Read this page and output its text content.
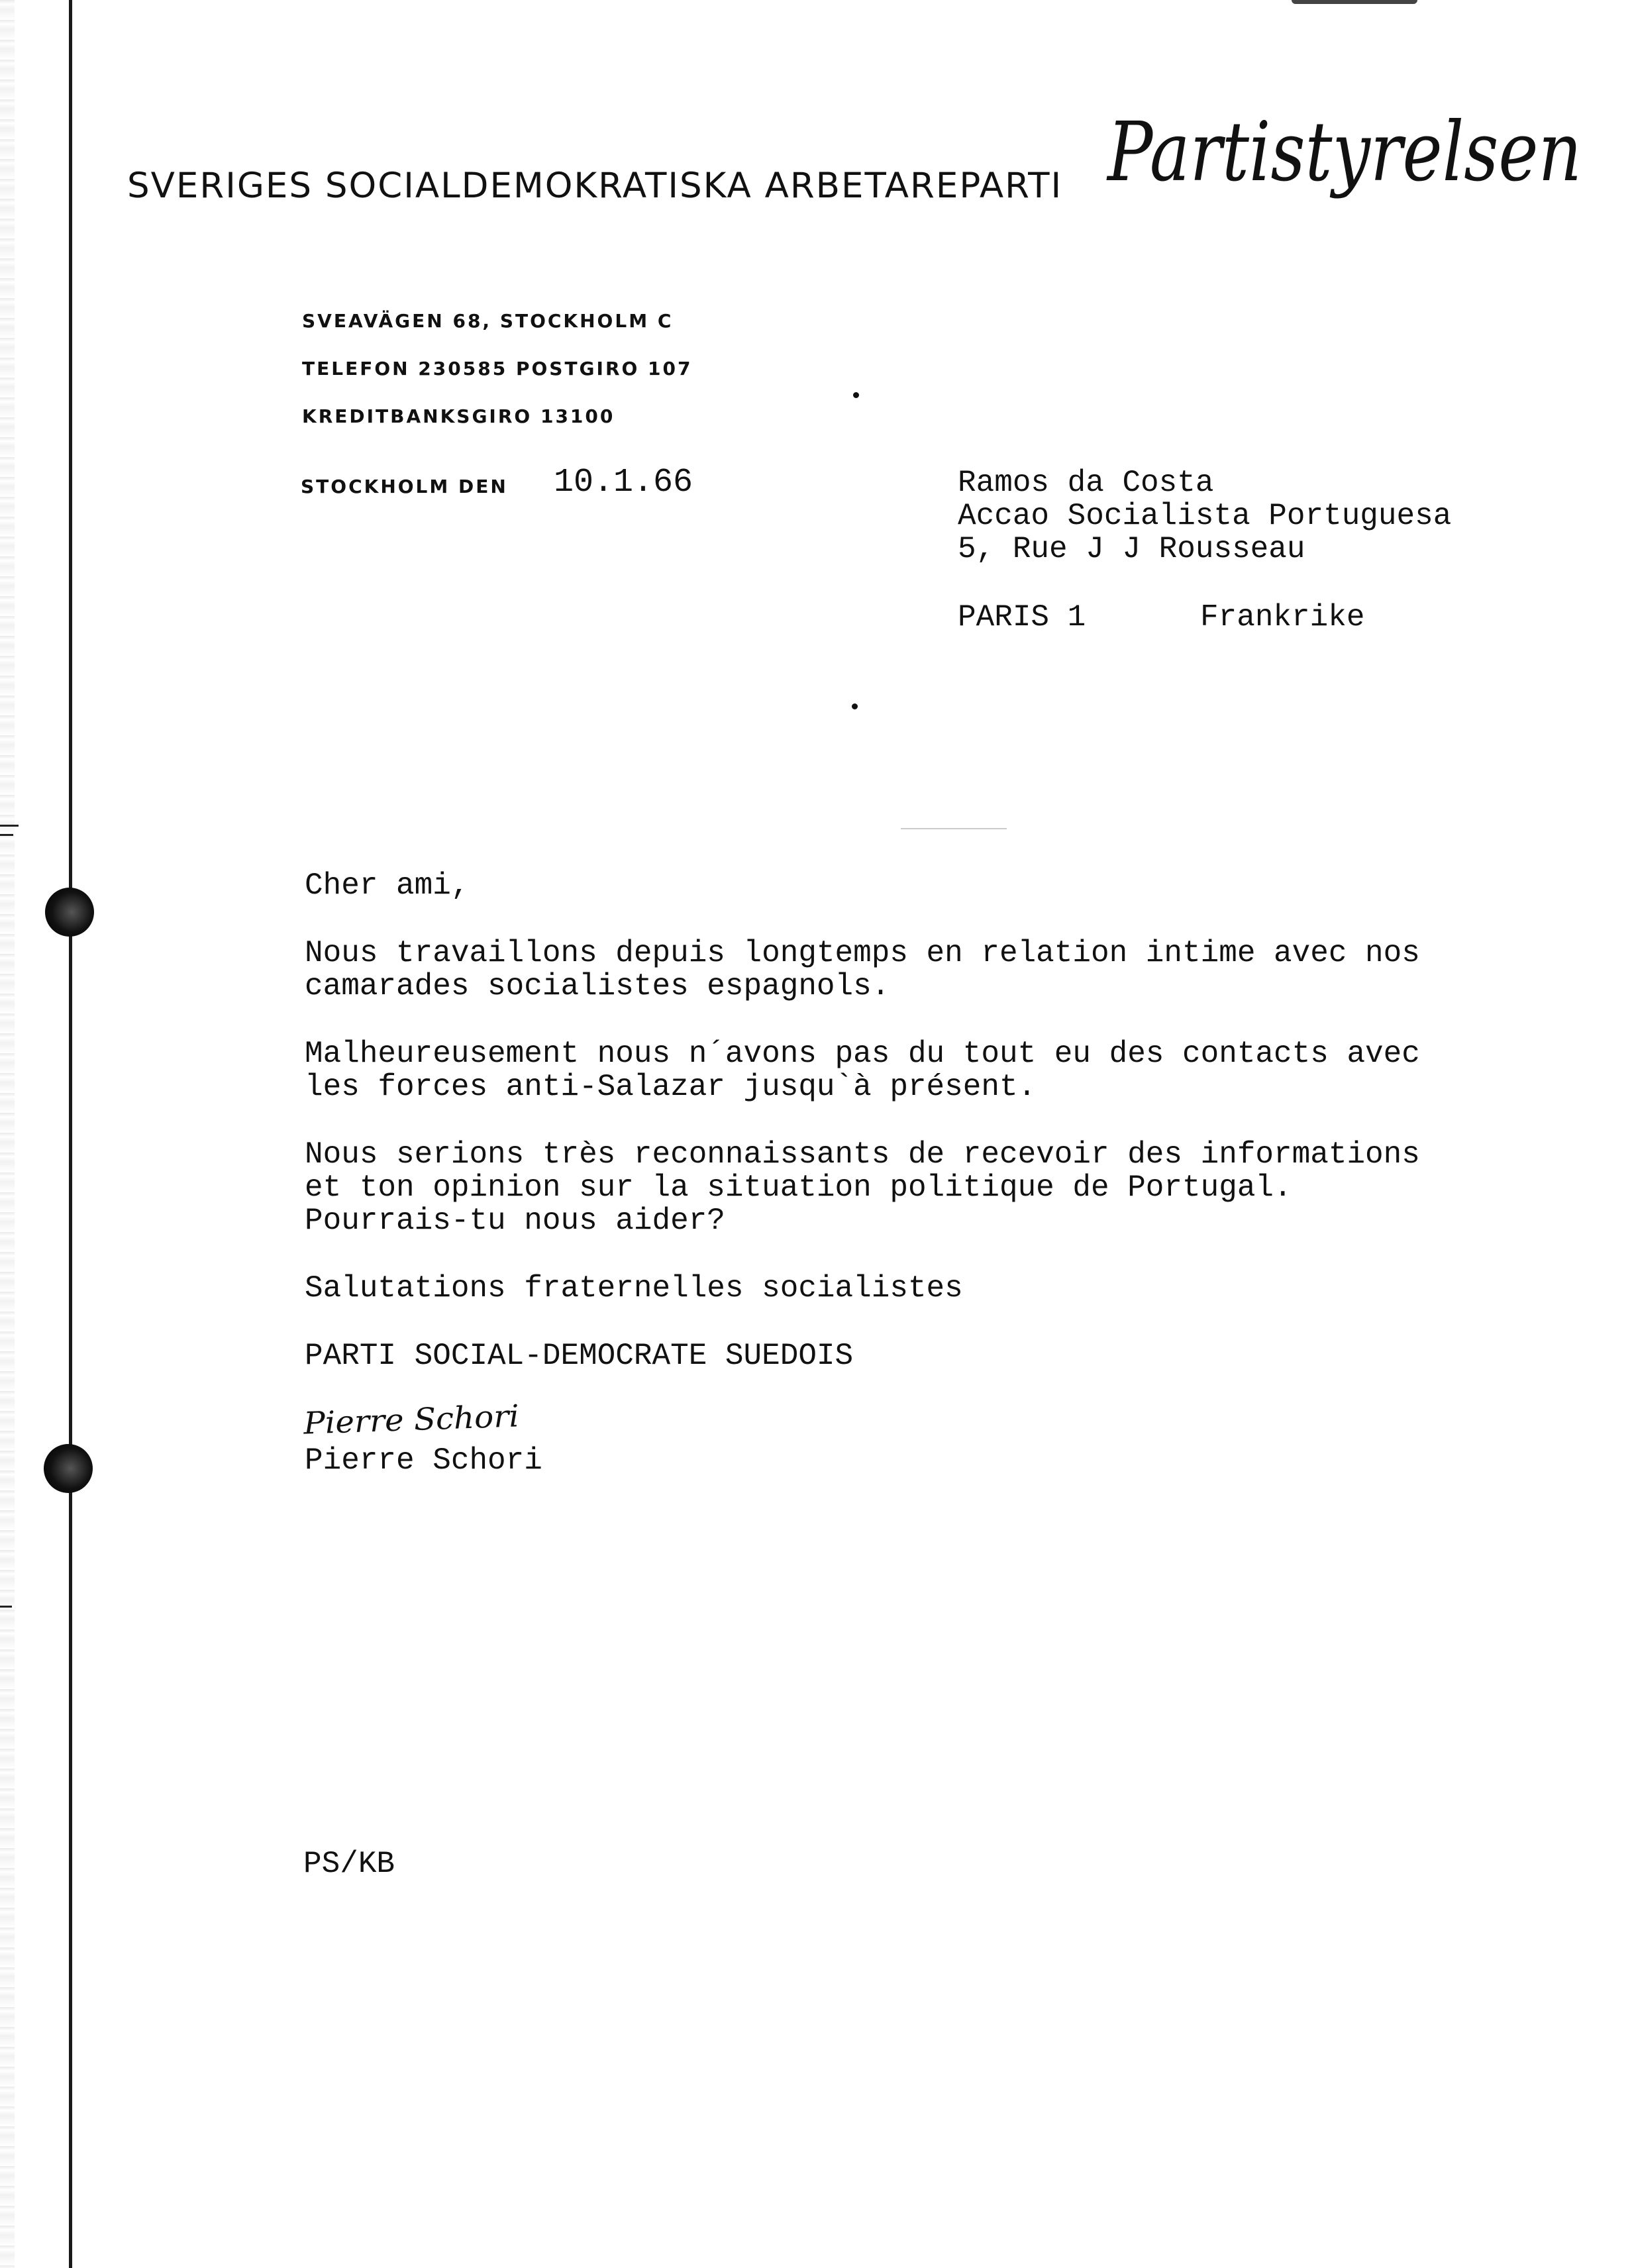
SVERIGES SOCIALDEMOKRATISKA ARBETAREPARTI Partistyrelsen
SVEAVÄGEN 68, STOCKHOLM C
TELEFON 230585 POSTGIRO 107
KREDITBANKSGIRO 13100
STOCKHOLM DEN 10.1.66	Ramos da Costa
Accao Socialista Portuguesa
5, Rue J J Rousseau
PARIS 1	Frankrike
Cher ami,
Nous travaillons depuis longtemps en relation intime avec nos
camarades socialistes espagnols.
Malheureusement nous n´avons pas du tout eu des contacts avec
les forces anti-Salazar jusqu`à présent.
Nous serions très reconnaissants de recevoir des informations
et ton opinion sur la situation politique de Portugal.
Pourrais-tu nous aider?
Salutations fraternelles socialistes
PARTI SOCIAL-DEMOCRATE SUEDOIS
Pierre Schori
Pierre Schori
PS/KB
